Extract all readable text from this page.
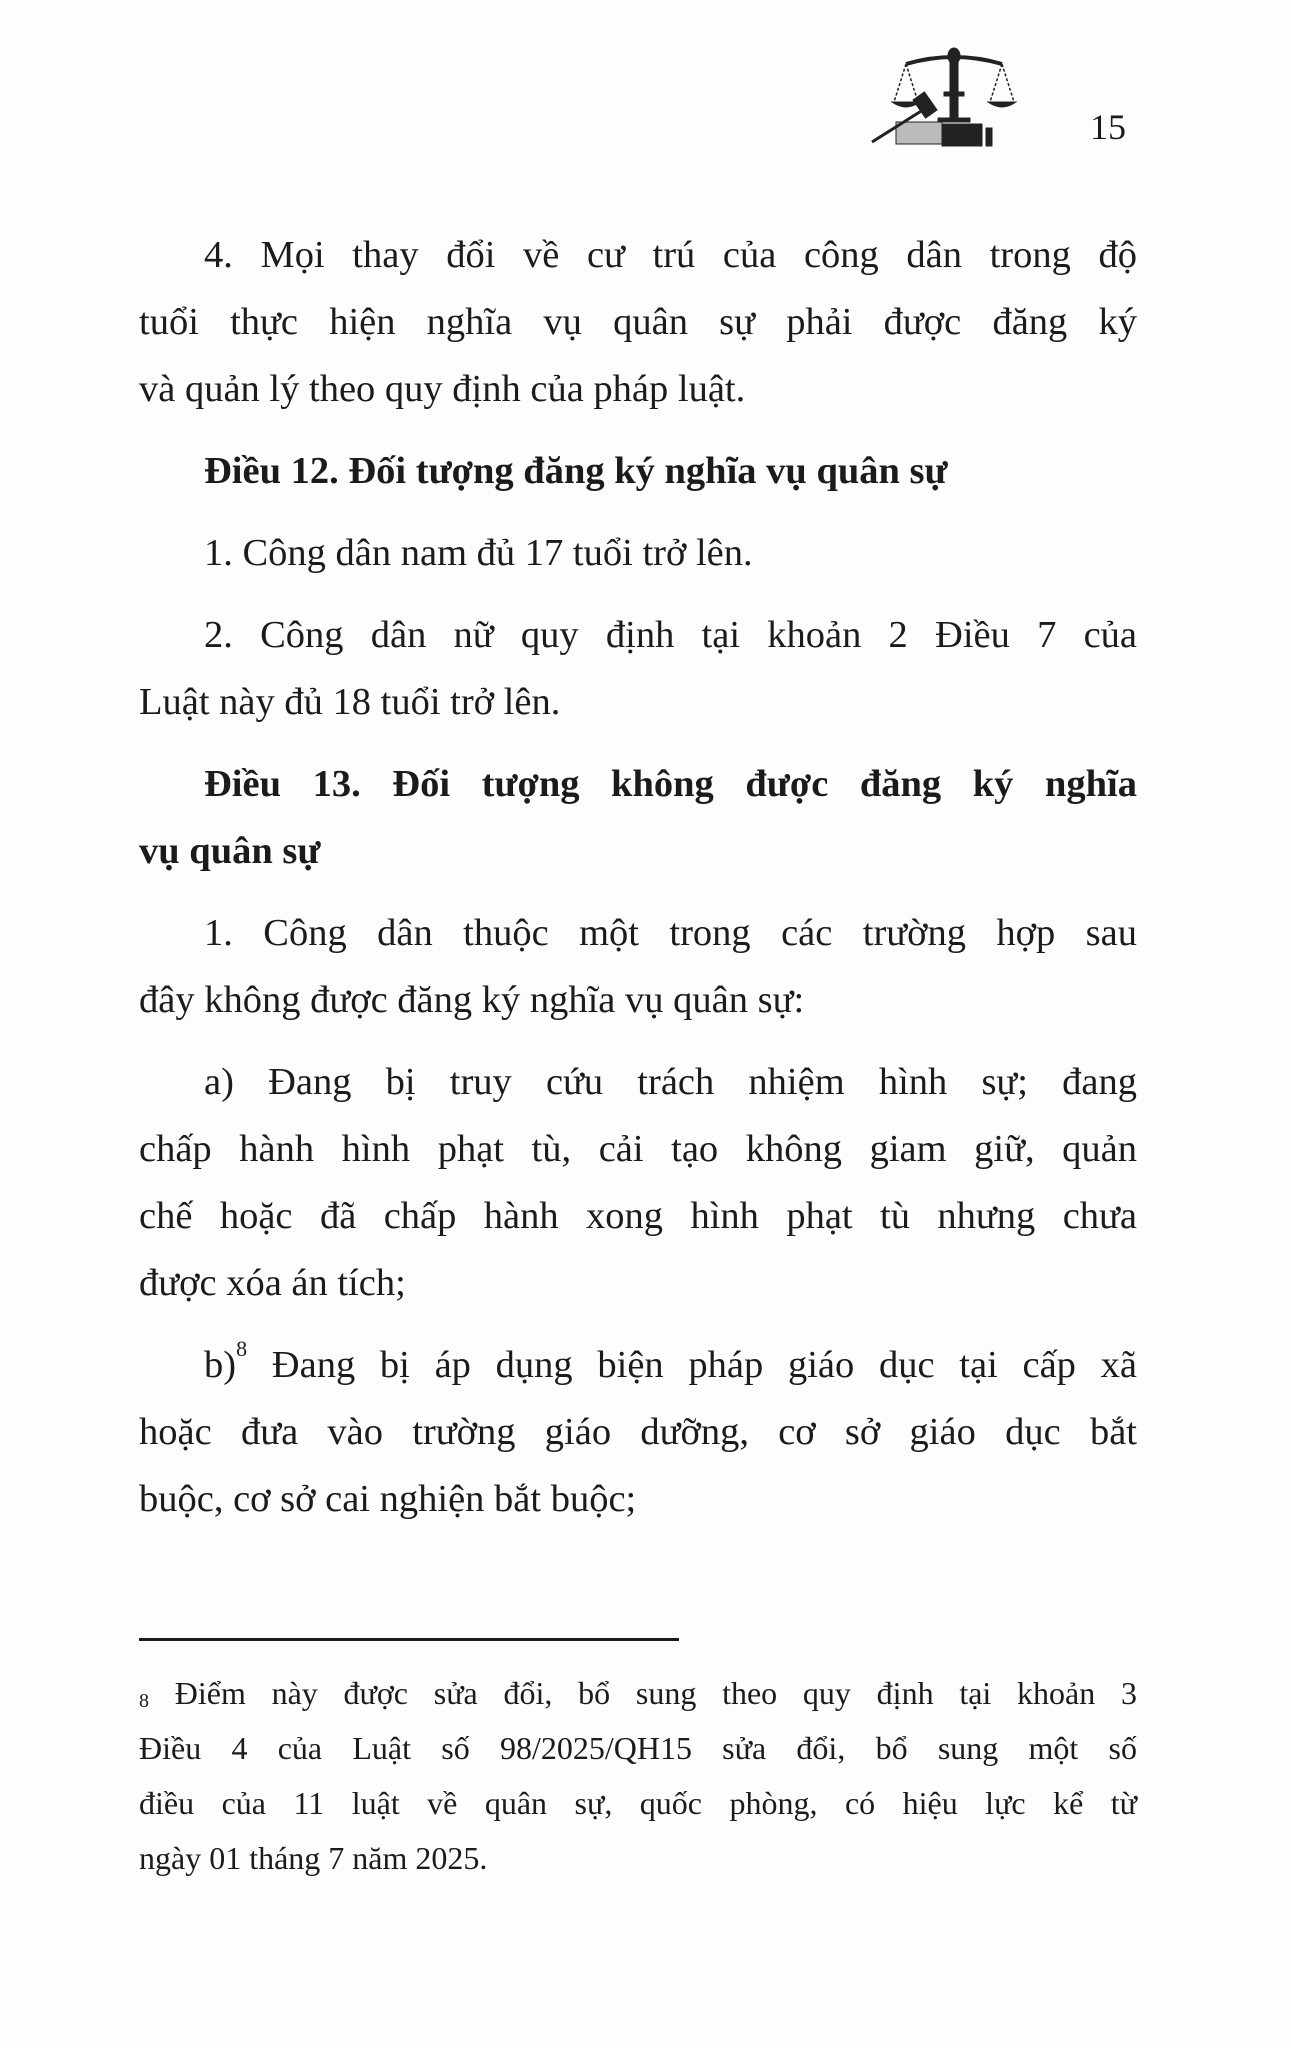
15
4. Mọi thay đổi về cư trú của công dân trong độ
tuổi thực hiện nghĩa vụ quân sự phải được đăng ký
và quản lý theo quy định của pháp luật.
Điều 12. Đối tượng đăng ký nghĩa vụ quân sự
1. Công dân nam đủ 17 tuổi trở lên.
2. Công dân nữ quy định tại khoản 2 Điều 7 của
Luật này đủ 18 tuổi trở lên.
Điều 13. Đối tượng không được đăng ký nghĩa
vụ quân sự
1. Công dân thuộc một trong các trường hợp sau
đây không được đăng ký nghĩa vụ quân sự:
a) Đang bị truy cứu trách nhiệm hình sự; đang
chấp hành hình phạt tù, cải tạo không giam giữ, quản
chế hoặc đã chấp hành xong hình phạt tù nhưng chưa
được xóa án tích;
b)$^8$ Đang bị áp dụng biện pháp giáo dục tại cấp xã
hoặc đưa vào trường giáo dưỡng, cơ sở giáo dục bắt
buộc, cơ sở cai nghiện bắt buộc;
$^8$ Điểm này được sửa đổi, bổ sung theo quy định tại khoản 3
Điều 4 của Luật số 98/2025/QH15 sửa đổi, bổ sung một số
điều của 11 luật về quân sự, quốc phòng, có hiệu lực kể từ
ngày 01 tháng 7 năm 2025.
